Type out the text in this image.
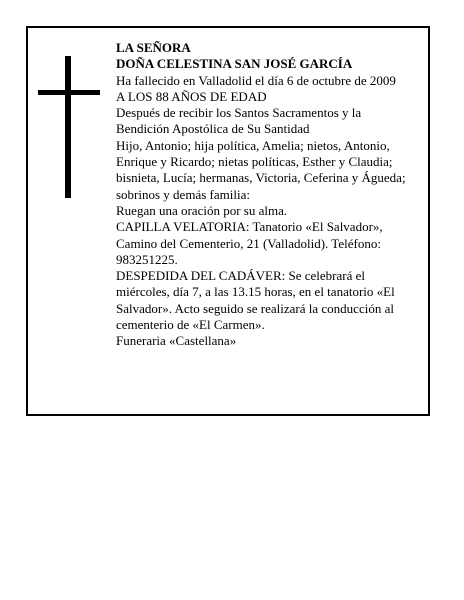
LA SEÑORA

DOÑA CELESTINA SAN JOSÉ GARCÍA

Ha fallecido en Valladolid el día 6 de octubre de 2009

A LOS 88 AÑOS DE EDAD

Después de recibir los Santos Sacramentos y la Bendición Apostólica de Su Santidad

Hijo, Antonio; hija política, Amelia; nietos, Antonio, Enrique y Ricardo; nietas políticas, Esther y Claudia; bisnieta, Lucía; hermanas, Victoria, Ceferina y Águeda; sobrinos y demás familia:

Ruegan una oración por su alma.

CAPILLA VELATORIA: Tanatorio «El Salvador», Camino del Cementerio, 21 (Valladolid). Teléfono: 983251225.

DESPEDIDA DEL CADÁVER: Se celebrará el miércoles, día 7, a las 13.15 horas, en el tanatorio «El Salvador». Acto seguido se realizará la conducción al cementerio de «El Carmen».

Funeraria «Castellana»
